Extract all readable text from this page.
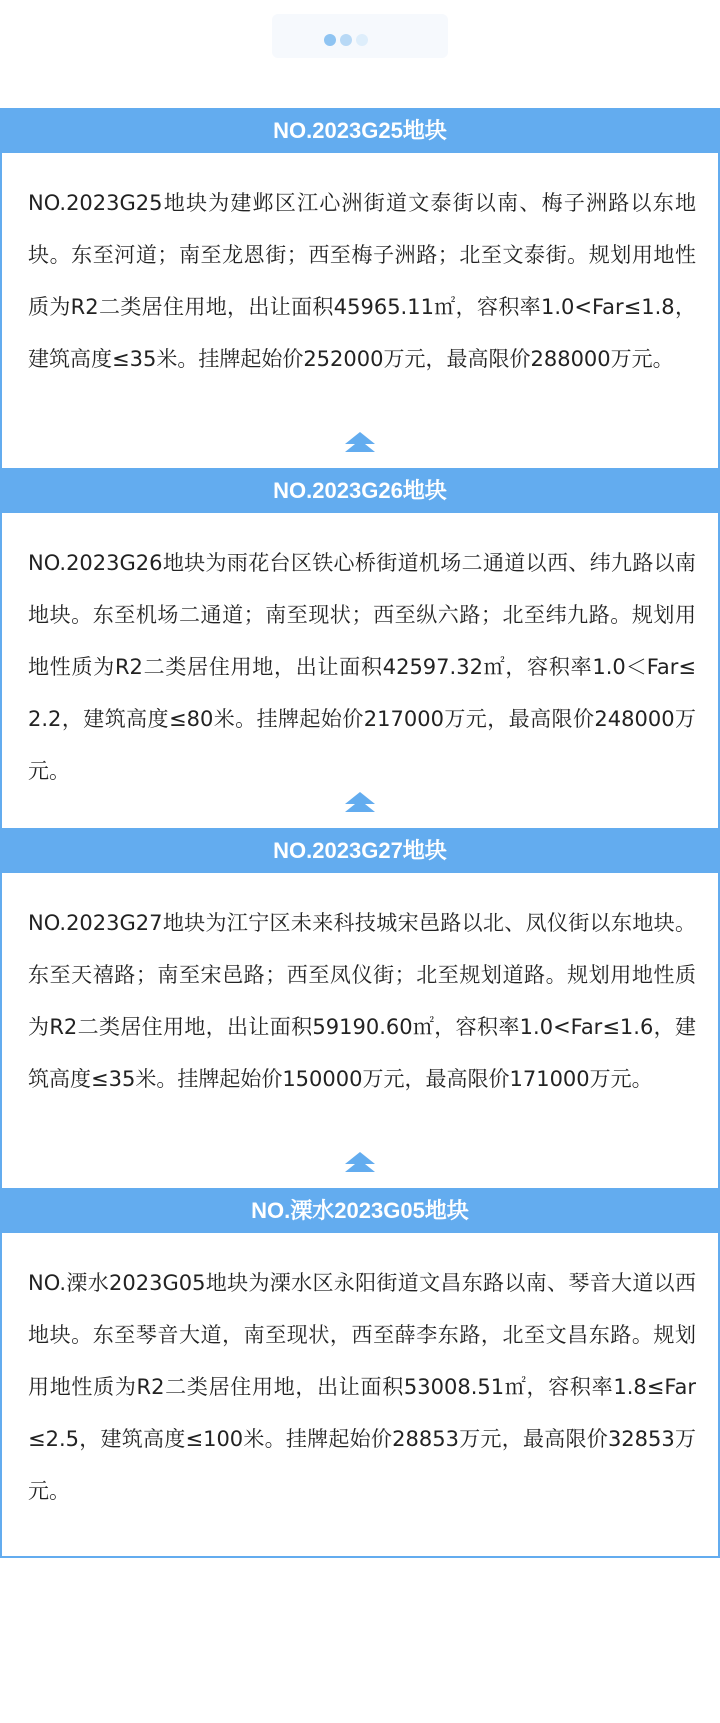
NO.2023G25地块
NO.2023G25地块为建邺区江心洲街道文泰街以南、梅子洲路以东地块。东至河道；南至龙恩街；西至梅子洲路；北至文泰街。规划用地性质为R2二类居住用地，出让面积45965.11㎡，容积率1.0<Far≤1.8，建筑高度≤35米。挂牌起始价252000万元，最高限价288000万元。
NO.2023G26地块
NO.2023G26地块为雨花台区铁心桥街道机场二通道以西、纬九路以南地块。东至机场二通道；南至现状；西至纵六路；北至纬九路。规划用地性质为R2二类居住用地，出让面积42597.32㎡，容积率1.0＜Far≤2.2，建筑高度≤80米。挂牌起始价217000万元，最高限价248000万元。
NO.2023G27地块
NO.2023G27地块为江宁区未来科技城宋邑路以北、凤仪街以东地块。东至天禧路；南至宋邑路；西至凤仪街；北至规划道路。规划用地性质为R2二类居住用地，出让面积59190.60㎡，容积率1.0<Far≤1.6，建筑高度≤35米。挂牌起始价150000万元，最高限价171000万元。
NO.溧水2023G05地块
NO.溧水2023G05地块为溧水区永阳街道文昌东路以南、琴音大道以西地块。东至琴音大道，南至现状，西至薛李东路，北至文昌东路。规划用地性质为R2二类居住用地，出让面积53008.51㎡，容积率1.8≤Far≤2.5，建筑高度≤100米。挂牌起始价28853万元，最高限价32853万元。
